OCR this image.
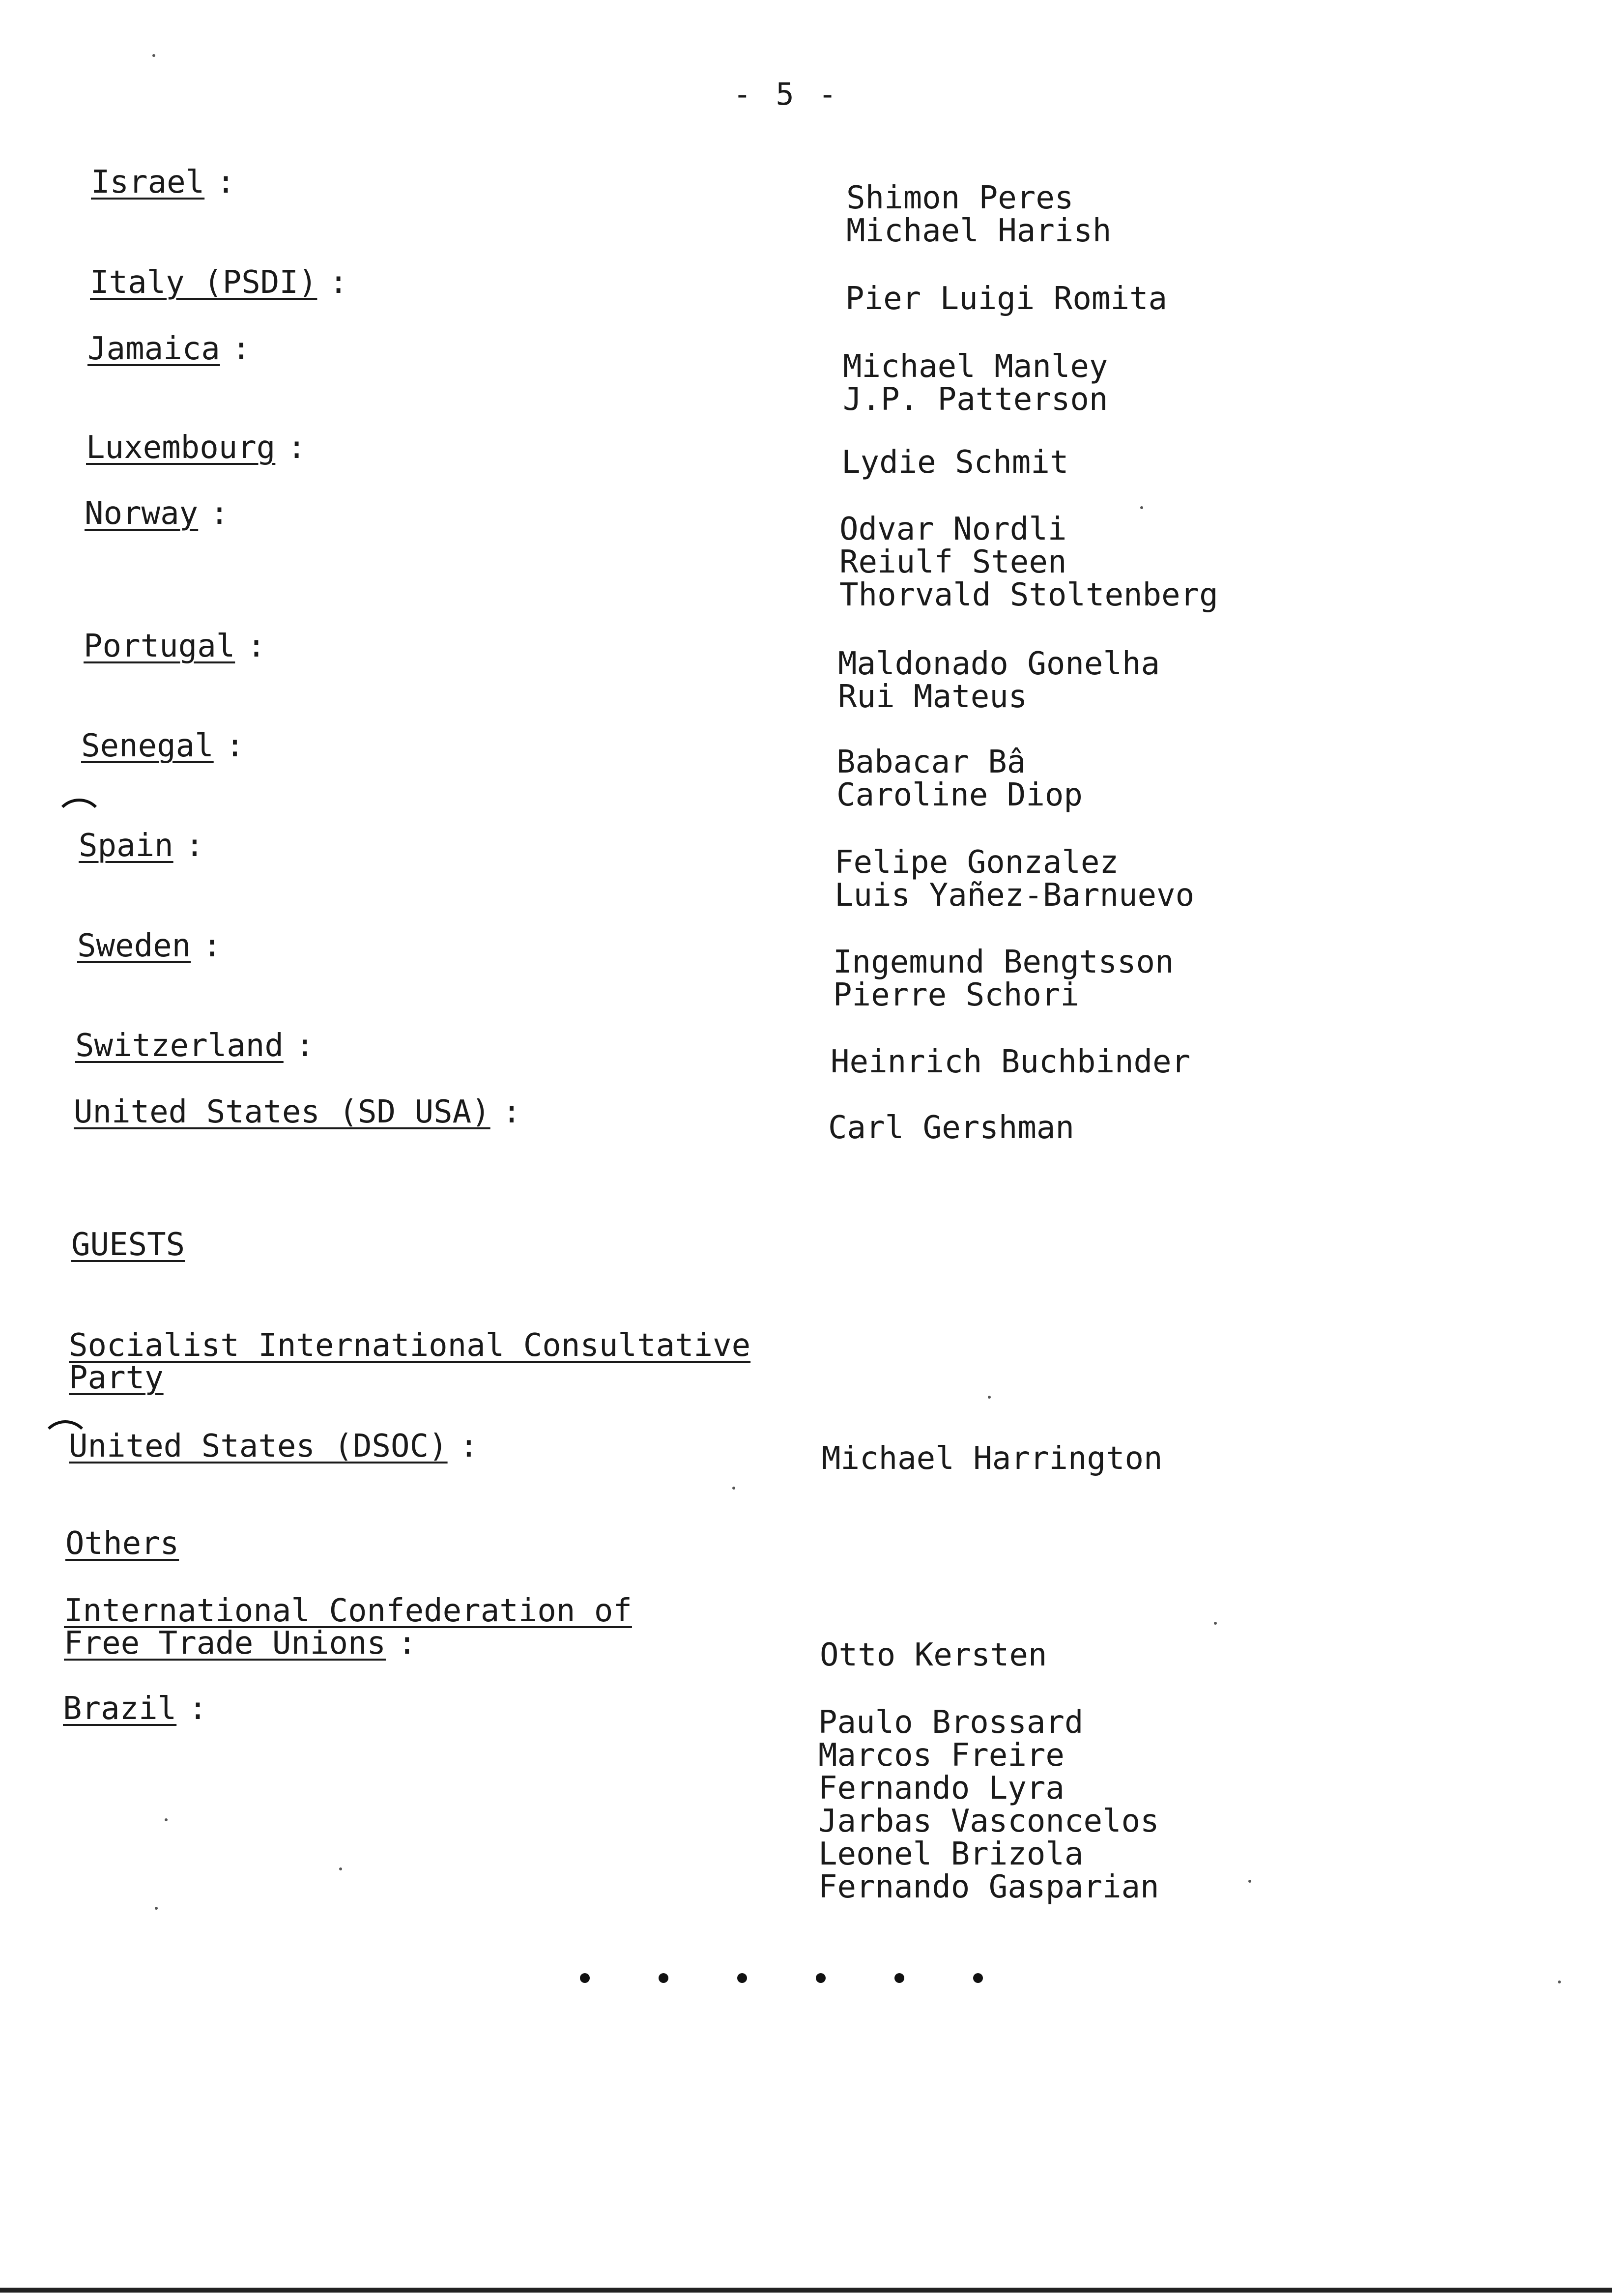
- 5 -
Israel :	Shimon Peres
Michael Harish
Italy (PSDI) :	Pier Luigi Romita
Jamaica :	Michael Manley
J.P. Patterson
Luxembourg :	Lydie Schmit
Norway :	Odvar Nordli
Reiulf Steen
Thorvald Stoltenberg
Portugal :	Maldonado Gonelha
Rui Mateus
Senegal :	Babacar Bâ
Caroline Diop
Spain :	Felipe Gonzalez
Luis Yañez-Barnuevo
Sweden :	Ingemund Bengtsson
Pierre Schori
Switzerland :	Heinrich Buchbinder
United States (SD USA) :	Carl Gershman
GUESTS
Socialist International Consultative
Party
United States (DSOC) :	Michael Harrington
Others
International Confederation of
Free Trade Unions :	Otto Kersten
Brazil :	Paulo Brossard
Marcos Freire
Fernando Lyra
Jarbas Vasconcelos
Leonel Brizola
Fernando Gasparian
